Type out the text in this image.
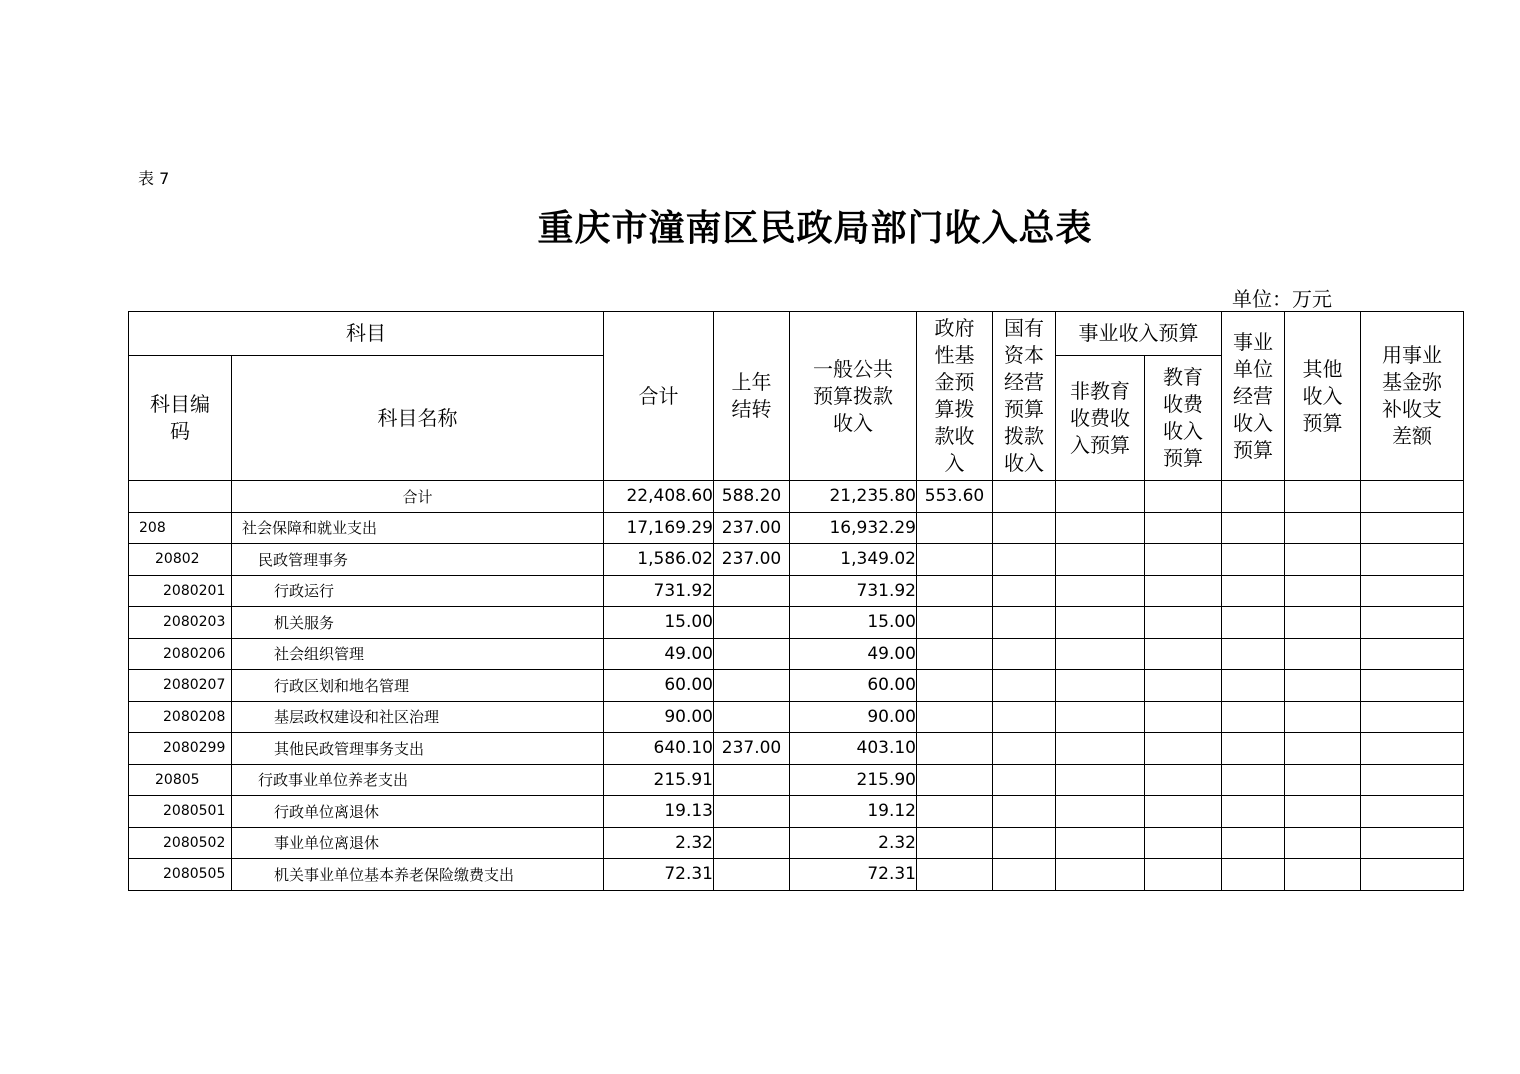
表 7
重庆市潼南区民政局部门收入总表
单位：万元
科目		合计	上年结转	一般公共预算拨款收入	政府性基金预算拨款收入	国有资本经营预算拨款收入	事业收入预算		事业单位经营收入预算	其他收入预算	用事业基金弥补收支差额

科目编码	科目名称						非教育收费收入预算	教育收费收入预算			

	合计	22,408.60	588.20	21,235.80	553.60						
208	社会保障和就业支出	17,169.29	237.00	16,932.29							
20802	民政管理事务	1,586.02	237.00	1,349.02							
2080201	行政运行	731.92		731.92							
2080203	机关服务	15.00		15.00							
2080206	社会组织管理	49.00		49.00							
2080207	行政区划和地名管理	60.00		60.00							
2080208	基层政权建设和社区治理	90.00		90.00							
2080299	其他民政管理事务支出	640.10	237.00	403.10							
20805	行政事业单位养老支出	215.91		215.90							
2080501	行政单位离退休	19.13		19.12							
2080502	事业单位离退休	2.32		2.32							
2080505	机关事业单位基本养老保险缴费支出	72.31		72.31							
